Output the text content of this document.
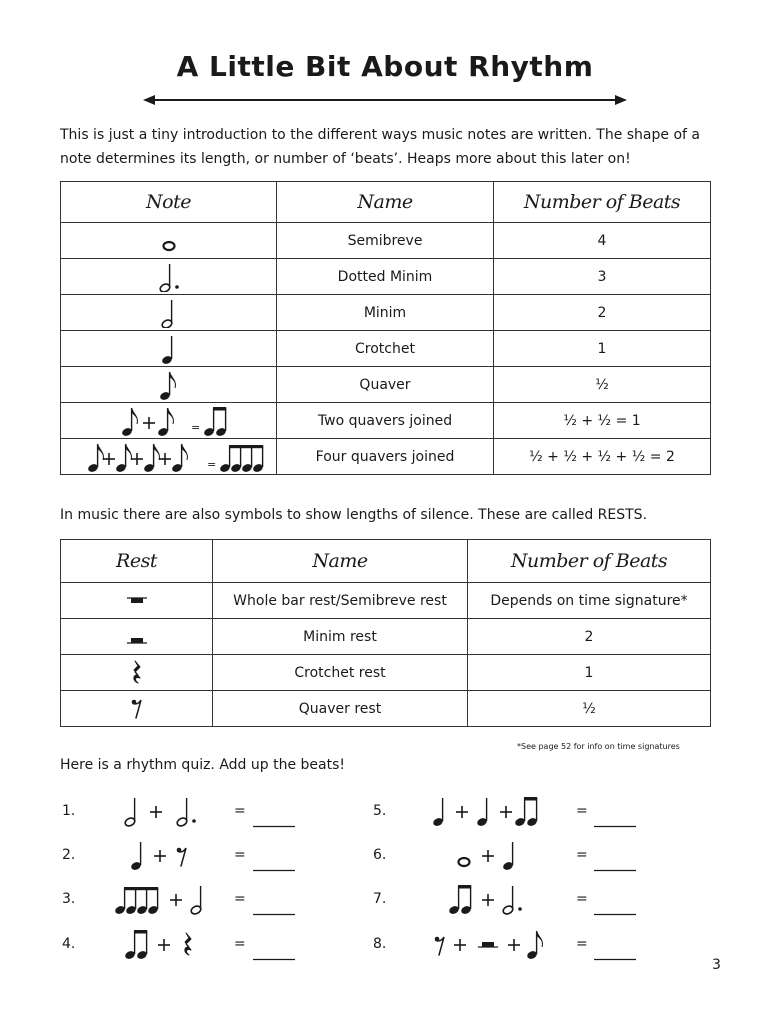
A Little Bit About Rhythm
This is just a tiny introduction to the different ways music notes are written. The shape of a note determines its length, or number of ‘beats’. Heaps more about this later on!
Note	Name	Number of Beats

	Semibreve	4

	Dotted Minim	3

	Minim	2

	Crotchet	1

	Quaver	½

=	Two quavers joined	½ + ½ = 1

=	Four quavers joined	½ + ½ + ½ + ½ = 2
In music there are also symbols to show lengths of silence. These are called RESTS.
Rest	Name	Number of Beats

	Whole bar rest/Semibreve rest	Depends on time signature*

	Minim rest	2

	Crotchet rest	1

	Quaver rest	½
*See page 52 for info on time signatures
Here is a rhythm quiz. Add up the beats!
1.	=
2.	=
3.	=
4.	=
5.	=
6.	=
7.	=
8.	=
3
